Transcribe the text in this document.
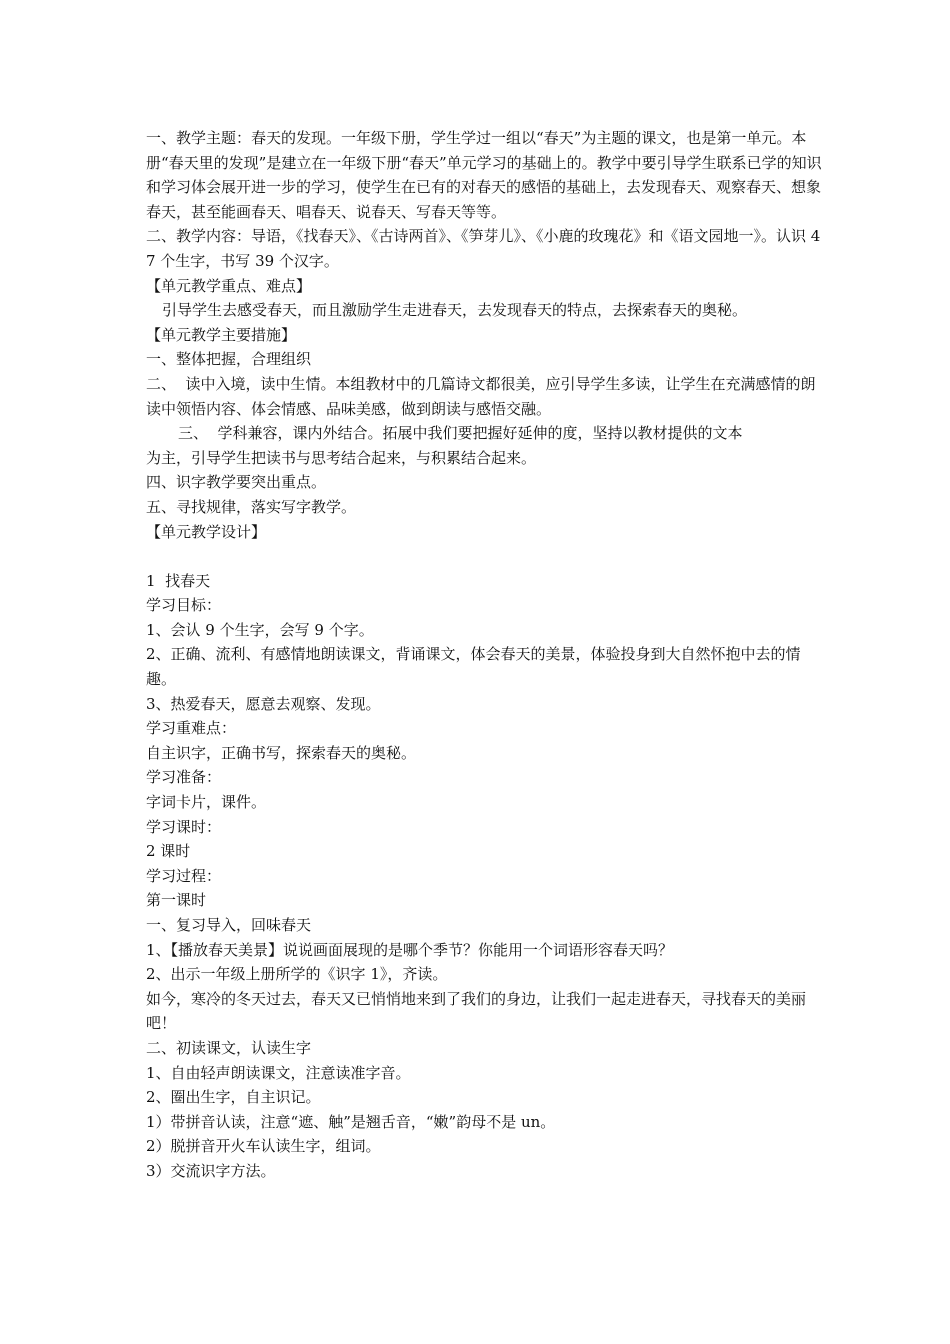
一、教学主题：春天的发现。一年级下册，学生学过一组以“春天”为主题的课文，也是第一单元。本册“春天里的发现”是建立在一年级下册“春天”单元学习的基础上的。教学中要引导学生联系已学的知识和学习体会展开进一步的学习，使学生在已有的对春天的感悟的基础上，去发现春天、观察春天、想象春天，甚至能画春天、唱春天、说春天、写春天等等。

二、教学内容：导语，《找春天》、《古诗两首》、《笋芽儿》、《小鹿的玫瑰花》和《语文园地一》。认识 47 个生字，书写 39 个汉字。

【单元教学重点、难点】

引导学生去感受春天，而且激励学生走进春天，去发现春天的特点，去探索春天的奥秘。

【单元教学主要措施】

一、整体把握，合理组织

二、  读中入境，读中生情。本组教材中的几篇诗文都很美，应引导学生多读，让学生在充满感情的朗读中领悟内容、体会情感、品味美感，做到朗读与感悟交融。

三、  学科兼容，课内外结合。拓展中我们要把握好延伸的度，坚持以教材提供的文本

为主，引导学生把读书与思考结合起来，与积累结合起来。

四、识字教学要突出重点。

五、寻找规律，落实写字教学。

【单元教学设计】

1  找春天

学习目标：

1、会认 9 个生字，会写 9 个字。

2、正确、流利、有感情地朗读课文，背诵课文，体会春天的美景，体验投身到大自然怀抱中去的情趣。

3、热爱春天，愿意去观察、发现。

学习重难点：

自主识字，正确书写，探索春天的奥秘。

学习准备：

字词卡片，课件。

学习课时：

2 课时

学习过程：

第一课时

一、复习导入，回味春天

1、【播放春天美景】说说画面展现的是哪个季节？你能用一个词语形容春天吗？

2、出示一年级上册所学的《识字 1》，齐读。

如今，寒冷的冬天过去，春天又已悄悄地来到了我们的身边，让我们一起走进春天，寻找春天的美丽吧！

二、初读课文，认读生字

1、自由轻声朗读课文，注意读准字音。

2、圈出生字，自主识记。

1）带拼音认读，注意“遮、触”是翘舌音，“嫩”韵母不是 un。

2）脱拼音开火车认读生字，组词。

3）交流识字方法。
